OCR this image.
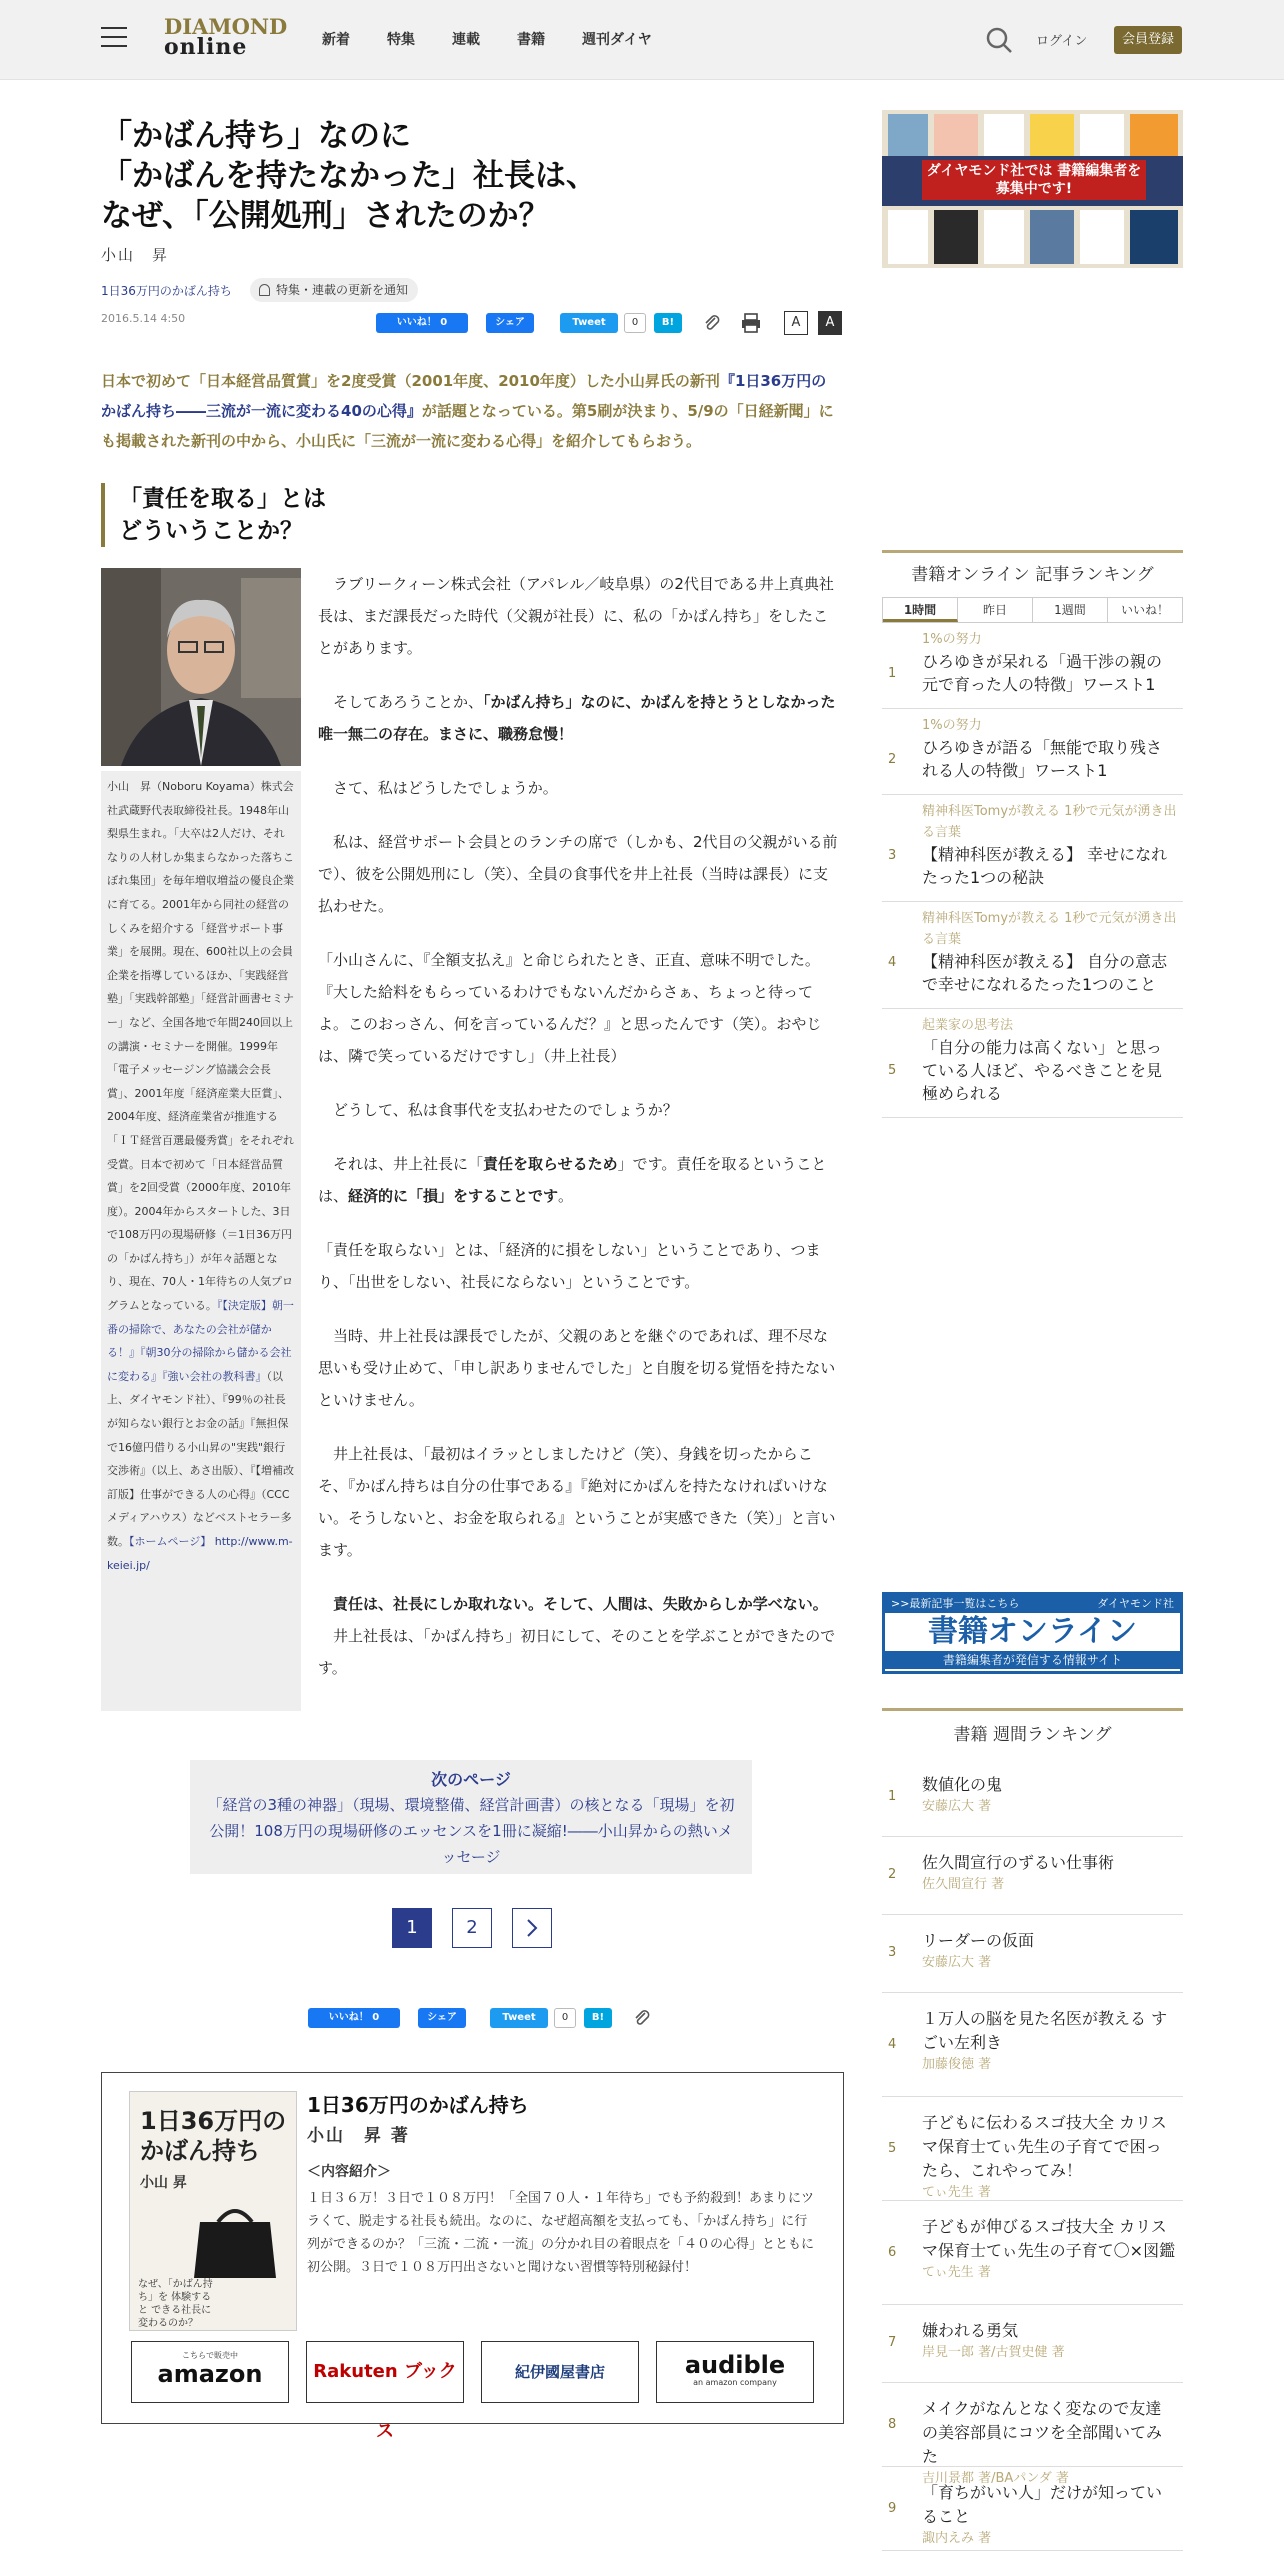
DIAMOND
online	新着	特集	連載	書籍	週刊ダイヤ	ログイン	会員登録
「かばん持ち」なのに
「かばんを持たなかった」社長は、
なぜ、「公開処刑」されたのか？
小山　昇
1日36万円のかばん持ち	特集・連載の更新を通知
2016.5.14 4:50	いいね！ 0	シェア	Tweet	0	B!	A	A
日本で初めて「日本経営品質賞」を2度受賞（2001年度、2010年度）した小山昇氏の新刊『1日36万円のかばん持ち――三流が一流に変わる40の心得』が話題となっている。第5刷が決まり、5/9の「日経新聞」にも掲載された新刊の中から、小山氏に「三流が一流に変わる心得」を紹介してもらおう。
「責任を取る」とは
どういうことか？
小山　昇（Noboru Koyama）株式会社武蔵野代表取締役社長。1948年山梨県生まれ。「大卒は2人だけ、それなりの人材しか集まらなかった落ちこぼれ集団」を毎年増収増益の優良企業に育てる。2001年から同社の経営のしくみを紹介する「経営サポート事業」を展開。現在、600社以上の会員企業を指導しているほか、「実践経営塾」「実践幹部塾」「経営計画書セミナー」など、全国各地で年間240回以上の講演・セミナーを開催。1999年「電子メッセージング協議会会長賞」、2001年度「経済産業大臣賞」、2004年度、経済産業省が推進する「ＩＴ経営百選最優秀賞」をそれぞれ受賞。日本で初めて「日本経営品質賞」を2回受賞（2000年度、2010年度）。2004年からスタートした、3日で108万円の現場研修（＝1日36万円の「かばん持ち」）が年々話題となり、現在、70人・1年待ちの人気プログラムとなっている。『【決定版】朝一番の掃除で、あなたの会社が儲かる！』『朝30分の掃除から儲かる会社に変わる』『強い会社の教科書』（以上、ダイヤモンド社）、『99％の社長が知らない銀行とお金の話』『無担保で16億円借りる小山昇の"実践"銀行交渉術』（以上、あさ出版）、『【増補改訂版】仕事ができる人の心得』（CCC メディアハウス）などベストセラー多数。【ホームページ】 http://www.m-keiei.jp/

ラブリークィーン株式会社（アパレル／岐阜県）の2代目である井上真典社長は、まだ課長だった時代（父親が社長）に、私の「かばん持ち」をしたことがあります。

そしてあろうことか、「かばん持ち」なのに、かばんを持とうとしなかった唯一無二の存在。まさに、職務怠慢！

さて、私はどうしたでしょうか。

私は、経営サポート会員とのランチの席で（しかも、2代目の父親がいる前で）、彼を公開処刑にし（笑）、全員の食事代を井上社長（当時は課長）に支払わせた。

「小山さんに、『全額支払え』と命じられたとき、正直、意味不明でした。『大した給料をもらっているわけでもないんだからさぁ、ちょっと待ってよ。このおっさん、何を言っているんだ？』と思ったんです（笑）。おやじは、隣で笑っているだけですし」（井上社長）

どうして、私は食事代を支払わせたのでしょうか？

それは、井上社長に「責任を取らせるため」です。責任を取るということは、経済的に「損」をすることです。

「責任を取らない」とは、「経済的に損をしない」ということであり、つまり、「出世をしない、社長にならない」ということです。

当時、井上社長は課長でしたが、父親のあとを継ぐのであれば、理不尽な思いも受け止めて、「申し訳ありませんでした」と自腹を切る覚悟を持たないといけません。

井上社長は、「最初はイラッとしましたけど（笑）、身銭を切ったからこそ、『かばん持ちは自分の仕事である』『絶対にかばんを持たなければいけない。そうしないと、お金を取られる』ということが実感できた（笑）」と言います。

責任は、社長にしか取れない。そして、人間は、失敗からしか学べない。

井上社長は、「かばん持ち」初日にして、そのことを学ぶことができたのです。

次のページ
「経営の3種の神器」（現場、環境整備、経営計画書）の核となる「現場」を初公開！108万円の現場研修のエッセンスを1冊に凝縮!――小山昇からの熱いメッセージ
1	2
いいね！ 0	シェア	Tweet	0	B!
1日36万円の かばん持ち
小山 昇
なぜ、「かばん持ち」を 体験すると できる社長に 変わるのか？
1日36万円のかばん持ち
小山　昇 著
＜内容紹介＞
１日３６万！３日で１０８万円！「全国７０人・１年待ち」でも予約殺到！あまりにツラくて、脱走する社長も続出。なのに、なぜ超高額を支払っても、「かばん持ち」に行列ができるのか？「三流・二流・一流」の分かれ目の着眼点を「４０の心得」とともに初公開。３日で１０８万円出さないと聞けない習慣等特別秘録付！
こちらで販売中
amazon	Rakuten ブックス
紀伊國屋書店	audible
an amazon company
ダイヤモンド社では 書籍編集者を募集中です!
書籍オンライン 記事ランキング
1時間	昨日	1週間	いいね！
1
1%の努力
ひろゆきが呆れる「過干渉の親の元で育った人の特徴」ワースト1
2
1%の努力
ひろゆきが語る「無能で取り残される人の特徴」ワースト1
3
精神科医Tomyが教える 1秒で元気が湧き出る言葉
【精神科医が教える】 幸せになれたった1つの秘訣
4
精神科医Tomyが教える 1秒で元気が湧き出る言葉
【精神科医が教える】 自分の意志で幸せになれるたった1つのこと
5
起業家の思考法
「自分の能力は高くない」と思っている人ほど、やるべきことを見極められる
>>最新記事一覧はこちら	ダイヤモンド社
書籍オンライン
書籍編集者が発信する情報サイト
書籍 週間ランキング
1
数値化の鬼
安藤広大 著
2
佐久間宣行のずるい仕事術
佐久間宣行 著
3
リーダーの仮面
安藤広大 著
4
１万人の脳を見た名医が教える すごい左利き
加藤俊徳 著
5
子どもに伝わるスゴ技大全 カリスマ保育士てぃ先生の子育てで困ったら、これやってみ！
てぃ先生 著
6
子どもが伸びるスゴ技大全 カリスマ保育士てぃ先生の子育て〇×図鑑
てぃ先生 著
7
嫌われる勇気
岸見一郎 著/古賀史健 著
8
メイクがなんとなく変なので友達の美容部員にコツを全部聞いてみた
吉川景都 著/BAパンダ 著
9
「育ちがいい人」だけが知っていること
諏内えみ 著
